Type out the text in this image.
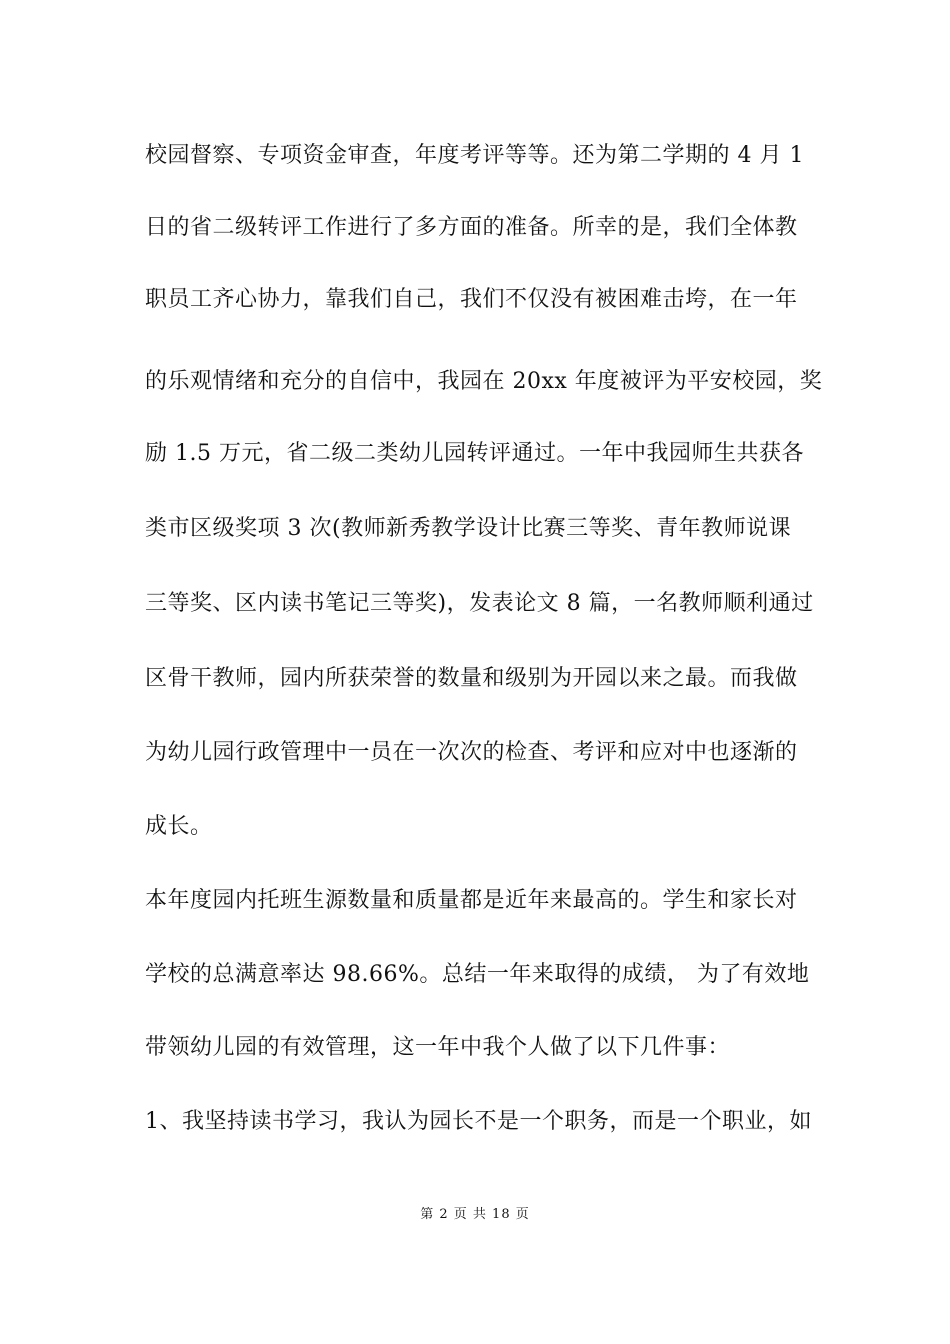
校园督察、专项资金审查，年度考评等等。还为第二学期的 4 月 1
日的省二级转评工作进行了多方面的准备。所幸的是，我们全体教
职员工齐心协力，靠我们自己，我们不仅没有被困难击垮，在一年
的乐观情绪和充分的自信中，我园在 20xx 年度被评为平安校园，奖
励 1.5 万元，省二级二类幼儿园转评通过。一年中我园师生共获各
类市区级奖项 3 次(教师新秀教学设计比赛三等奖、青年教师说课
三等奖、区内读书笔记三等奖)，发表论文 8 篇，一名教师顺利通过
区骨干教师，园内所获荣誉的数量和级别为开园以来之最。而我做
为幼儿园行政管理中一员在一次次的检查、考评和应对中也逐渐的
成长。
本年度园内托班生源数量和质量都是近年来最高的。学生和家长对
学校的总满意率达 98.66%。总结一年来取得的成绩， 为了有效地
带领幼儿园的有效管理，这一年中我个人做了以下几件事：
1、我坚持读书学习，我认为园长不是一个职务，而是一个职业，如
第 2 页 共 18 页
